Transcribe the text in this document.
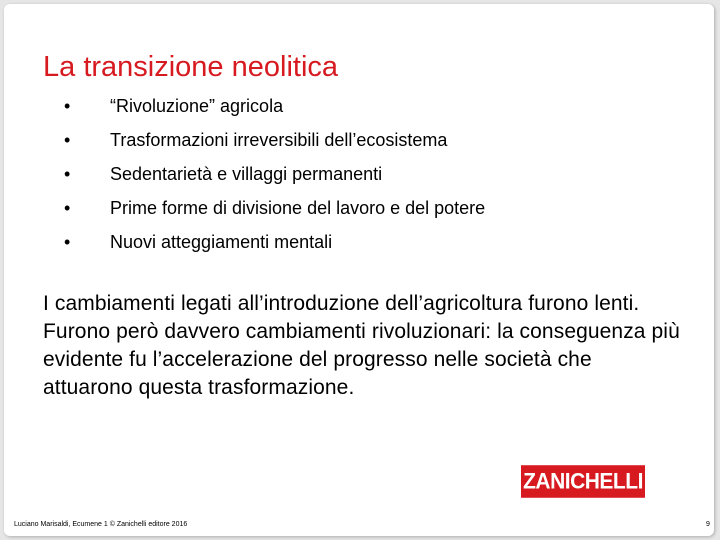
La transizione neolitica
• “Rivoluzione” agricola
• Trasformazioni irreversibili dell’ecosistema
• Sedentarietà e villaggi permanenti
• Prime forme di divisione del lavoro e del potere
• Nuovi atteggiamenti mentali
I cambiamenti legati all’introduzione dell’agricoltura furono lenti. Furono però davvero cambiamenti rivoluzionari: la conseguenza più evidente fu l’accelerazione del progresso nelle società che attuarono questa trasformazione.
ZANICHELLI
Luciano Marisaldi, Ecumene 1 © Zanichelli editore 2016	9
